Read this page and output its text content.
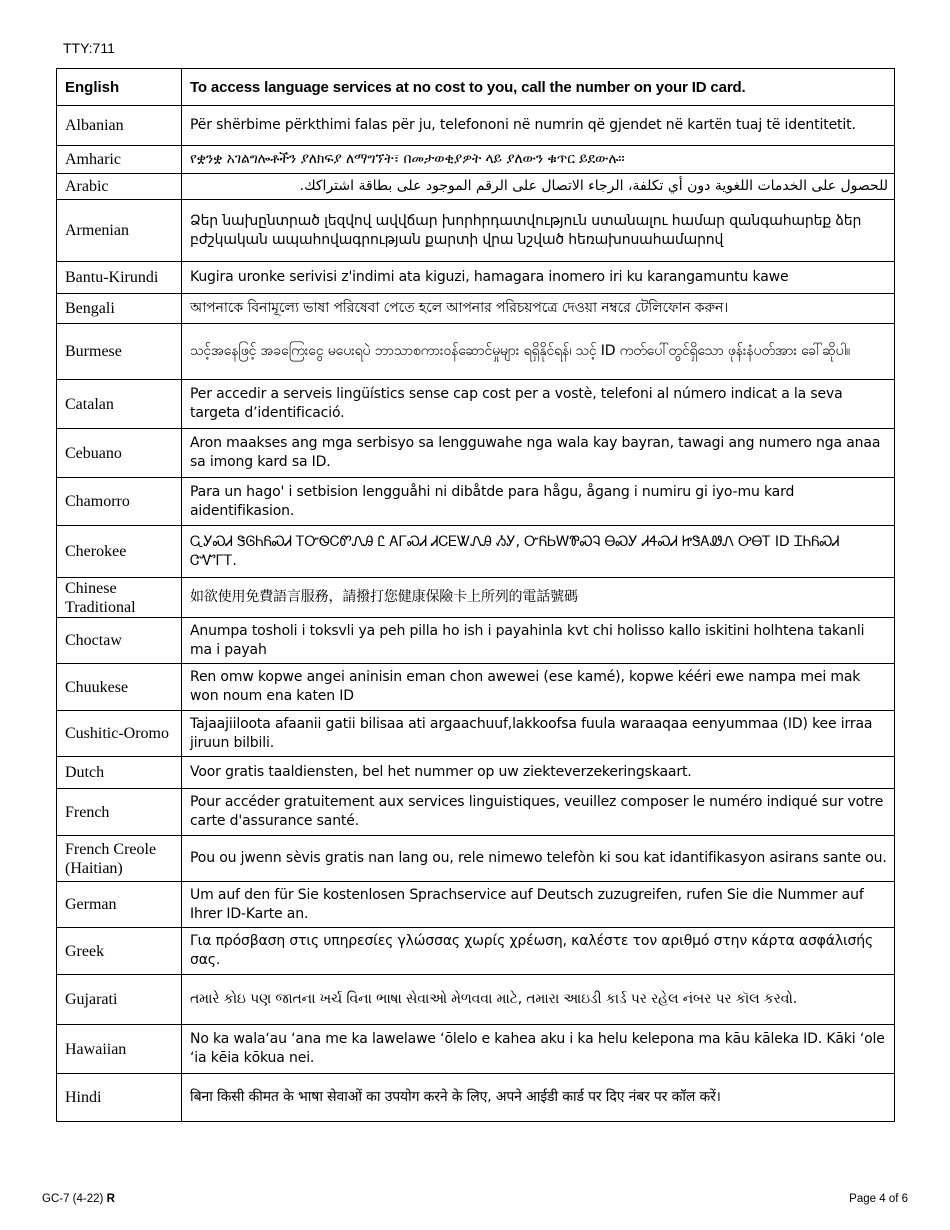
TTY:711
English	To access language services at no cost to you, call the number on your ID card.
Albanian	Për shërbime përkthimi falas për ju, telefononi në numrin që gjendet në kartën tuaj të identitetit.
Amharic	የቋንቋ አገልግሎቶችን ያለክፍያ ለማግኘት፣ በመታወቂያዎት ላይ ያለውን ቁጥር ይደውሉ፡፡
Arabic	للحصول على الخدمات اللغوية دون أي تكلفة، الرجاء الاتصال على الرقم الموجود على بطاقة اشتراكك.
Armenian	Ձեր նախընտրած լեզվով ավվճար խորհրդատվություն ստանալու համար զանգահարեք ձեր բժշկական ապահովագրության քարտի վրա նշված հեռախոսահամարով
Bantu-Kirundi	Kugira uronke serivisi z'indimi ata kiguzi, hamagara inomero iri ku karangamuntu kawe
Bengali	আপনাকে বিনামূল্যে ভাষা পরিষেবা পেতে হলে আপনার পরিচয়পত্রে দেওয়া নম্বরে টেলিফোন করুন।
Burmese	သင့်အနေဖြင့် အခကြေးငွေ မပေးရပဲ ဘာသာစကားဝန်ဆောင်မှုများ ရရှိနိုင်ရန်၊ သင့် ID ကတ်ပေါ်တွင်ရှိသော ဖုန်းနံပတ်အား ခေါ်ဆိုပါ။
Catalan	Per accedir a serveis lingüístics sense cap cost per a vostè, telefoni al número indicat a la seva targeta d’identificació.
Cebuano	Aron maakses ang mga serbisyo sa lengguwahe nga wala kay bayran, tawagi ang numero nga anaa sa imong kard sa ID.
Chamorro	Para un hago' i setbision lengguåhi ni dibåtde para hågu, ågang i numiru gi iyo-mu kard aidentifikasion.
Cherokee	ᏩᎩᏍᏗ ᏕᎶᏂᏲᏍᏗ ᎢᏅᏫᏟᏛᏁᎯ Ꮭ ᎪᎱᏍᏗ ᏗᏟᎬᏔᏁᎯ ᏱᎩ, ᏅᏲᏏᎳᏈᏍᎸ ᎾᏍᎩ ᏗᏎᏍᏗ ᏥᏕᎪᏪᏁ ᎤᎾᎢ ID ᏆᏂᏲᏍᏗ ᏣᏉᎱᎢ.
Chinese Traditional	如欲使用免費語言服務，請撥打您健康保險卡上所列的電話號碼
Choctaw	Anumpa tosholi i toksvli ya peh pilla ho ish i payahinla kvt chi holisso kallo iskitini holhtena takanli ma i payah
Chuukese	Ren omw kopwe angei aninisin eman chon awewei (ese kamé), kopwe kééri ewe nampa mei mak won noum ena katen ID
Cushitic-Oromo	Tajaajiiloota afaanii gatii bilisaa ati argaachuuf,lakkoofsa fuula waraaqaa eenyummaa (ID) kee irraa jiruun bilbili.
Dutch	Voor gratis taaldiensten, bel het nummer op uw ziekteverzekeringskaart.
French	Pour accéder gratuitement aux services linguistiques, veuillez composer le numéro indiqué sur votre carte d'assurance santé.
French Creole (Haitian)	Pou ou jwenn sèvis gratis nan lang ou, rele nimewo telefòn ki sou kat idantifikasyon asirans sante ou.
German	Um auf den für Sie kostenlosen Sprachservice auf Deutsch zuzugreifen, rufen Sie die Nummer auf Ihrer ID-Karte an.
Greek	Για πρόσβαση στις υπηρεσίες γλώσσας χωρίς χρέωση, καλέστε τον αριθμό στην κάρτα ασφάλισής σας.
Gujarati	તમારે કોઇ પણ જાતના ખર્ચ વિના ભાષા સેવાઓ મેળવવા માટે, તમારા આઇડી કાર્ડ પર રહેલ નંબર પર કૉલ કરવો.
Hawaiian	No ka wala‘au ‘ana me ka lawelawe ‘ōlelo e kahea aku i ka helu kelepona ma kāu kāleka ID. Kāki ‘ole ‘ia kēia kōkua nei.
Hindi	बिना किसी कीमत के भाषा सेवाओं का उपयोग करने के लिए, अपने आईडी कार्ड पर दिए नंबर पर कॉल करें।
GC-7 (4-22) R	Page 4 of 6
